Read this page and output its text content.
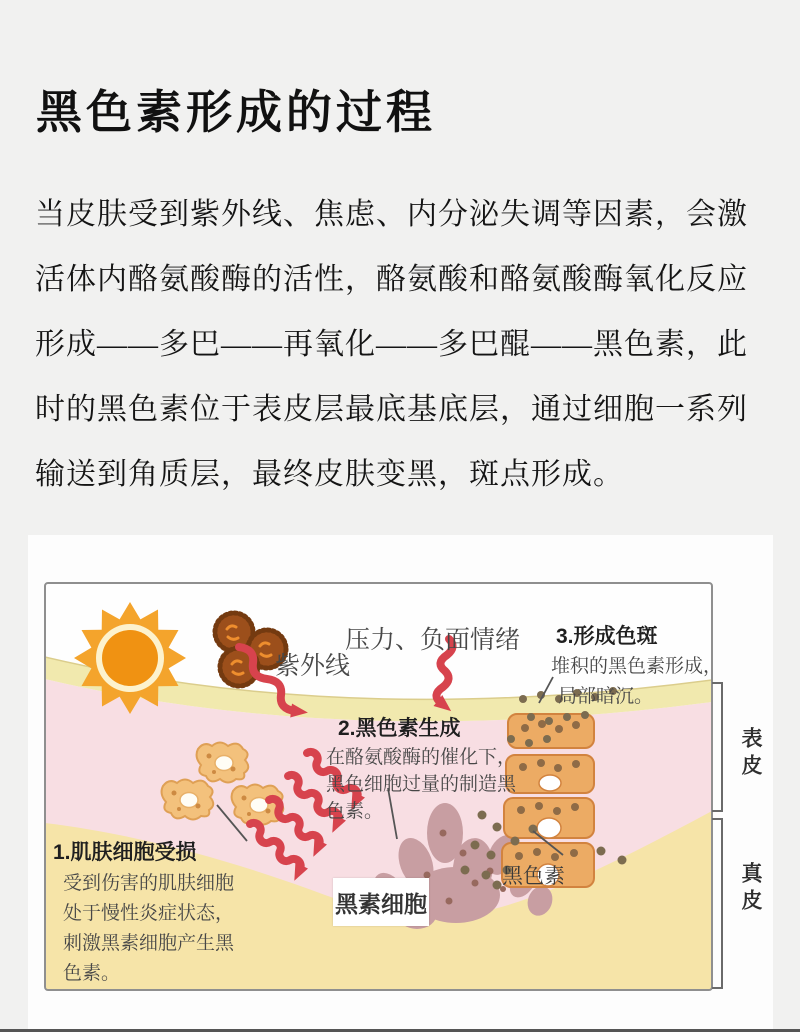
黑色素形成的过程
当皮肤受到紫外线、焦虑、内分泌失调等因素，会激
活体内酪氨酸酶的活性，酪氨酸和酪氨酸酶氧化反应
形成——多巴——再氧化——多巴醌——黑色素，此
时的黑色素位于表皮层最底基底层，通过细胞一系列
输送到角质层，最终皮肤变黑，斑点形成。
紫外线
压力、负面情绪 3.形成色斑
堆积的黑色素形成，
局部暗沉。
2.黑色素生成
在酪氨酸酶的催化下，
黑色细胞过量的制造黑
色素。
1.肌肤细胞受损
受到伤害的肌肤细胞
处于慢性炎症状态，
刺激黑素细胞产生黑
色素。
黑素细胞
黑色素
表皮
真皮
